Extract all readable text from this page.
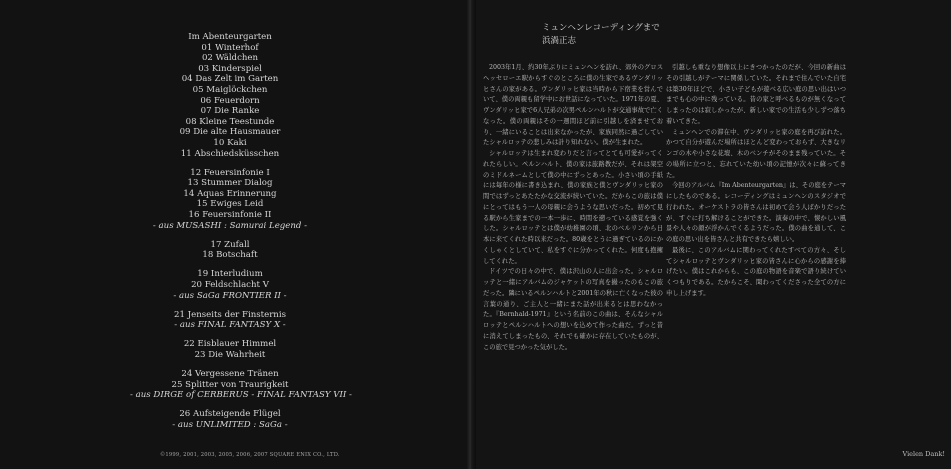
Im Abenteurgarten
01 Winterhof
02 Wäldchen
03 Kinderspiel
04 Das Zelt im Garten
05 Maiglöckchen
06 Feuerdorn
07 Die Ranke
08 Kleine Teestunde
09 Die alte Hausmauer
10 Kaki
11 Abschiedsküsschen
12 Feuersinfonie I
13 Stummer Dialog
14 Aquas Erinnerung
15 Ewiges Leid
16 Feuersinfonie II
- aus MUSASHI : Samurai Legend -
17 Zufall
18 Botschaft
19 Interludium
20 Feldschlacht V
- aus SaGa FRONTIER II -
21 Jenseits der Finsternis
- aus FINAL FANTASY X -
22 Eisblauer Himmel
23 Die Wahrheit
24 Vergessene Tränen
25 Splitter von Traurigkeit
- aus DIRGE of CERBERUS - FINAL FANTASY VII -
26 Aufsteigende Flügel
- aus UNLIMITED : SaGa -
©1999, 2001, 2003, 2005, 2006, 2007 SQUARE ENIX CO., LTD.
ミュンヘンレコーディングまで
浜渦正志

2003年1月、約30年ぶりにミュンヘンを訪れ、郊外のグロスヘッセローエ駅からすぐのところに僕の生家であるヴンダリッヒさんの家がある。ヴンダリッヒ家は当時から下宿業を営んでいて、僕の両親も留学中にお世話になっていた。1971年の夏、ヴンダリッヒ家で6人兄弟の次男ペルンハルトが交通事故で亡くなった。僕の両親はその一週間ほど前に引越しを済ませており、一緒にいることは出来なかったが、家族同然に過ごしていたシャルロッテの悲しみは計り知れない。僕が生まれた。

シャルロッテは生まれ変わりだと言ってとても可愛がってくれたらしい。ペルンハルト、僕の家は旅路教だが、それは架空のミドルネームとして僕の中にずっとあった。小さい頃の手紙には毎年の様に書き込まれ、僕の家族と僕とヴンダリッヒ家の間ではずっとあたたかな交流が続いていた。だからこの旅は僕にとってはもう一人の母親に会うような思いだった。初めて見る駅から生家までの一本一歩に、時間を遡っている感覚を強くした。シャルロッテとは僕が幼稚園の頃、北のベルリンから日本に来てくれた時以来だった。80歳をとうに過ぎているのにかくしゃくとしていて、私をすぐに分かってくれた。何度も抱擁してくれた。

ドイツでの日々の中で、僕は沢山の人に出会った。シャルロッテと一緒にアルバムのジャケットの写真を撮ったのもこの旅だった。隣にいるペルンハルトと2001年の秋に亡くなった彼の言葉の通り、ご主人と一緒にまた話が出来るとは思わなかった。『Bernhald-1971』という名前のこの曲は、そんなシャルロッテとペルンハルトへの想いを込めて作った曲だ。ずっと昔に消えてしまったもの、それでも確かに存在していたものが、この旅で見つかった気がした。

引越しも重なり想像以上にきつかったのだが、今回の新曲はその引越しがテーマに関係していた。それまで住んでいた自宅は築30年ほどで、小さい子どもが遊べる広い庭の思い出はいつまでも心の中に残っている。昔の家と呼べるものが無くなってしまったのは寂しかったが、新しい家での生活も少しずつ落ち着いてきた。

ミュンヘンでの滞在中、ヴンダリッヒ家の庭を再び訪れた。かつて自分が遊んだ場所はほとんど変わっておらず、大きなリンゴの木や小さな花壇、木のベンチがそのまま残っていた。その場所に立つと、忘れていた幼い頃の記憶が次々に蘇ってきた。

今回のアルバム『Im Abenteurgarten』は、その庭をテーマにしたものである。レコーディングはミュンヘンのスタジオで行われた。オーケストラの皆さんは初めて会う人ばかりだったが、すぐに打ち解けることができた。演奏の中で、懐かしい風景や人々の顔が浮かんでくるようだった。僕の曲を通して、この庭の思い出を皆さんと共有できたら嬉しい。

最後に、このアルバムに関わってくれたすべての方々、そしてシャルロッテとヴンダリッヒ家の皆さんに心からの感謝を捧げたい。僕はこれからも、この庭の物語を音楽で語り続けていくつもりである。たからこそ、聞わってくださった全ての方に申し上げます。

Vielen Dank!
